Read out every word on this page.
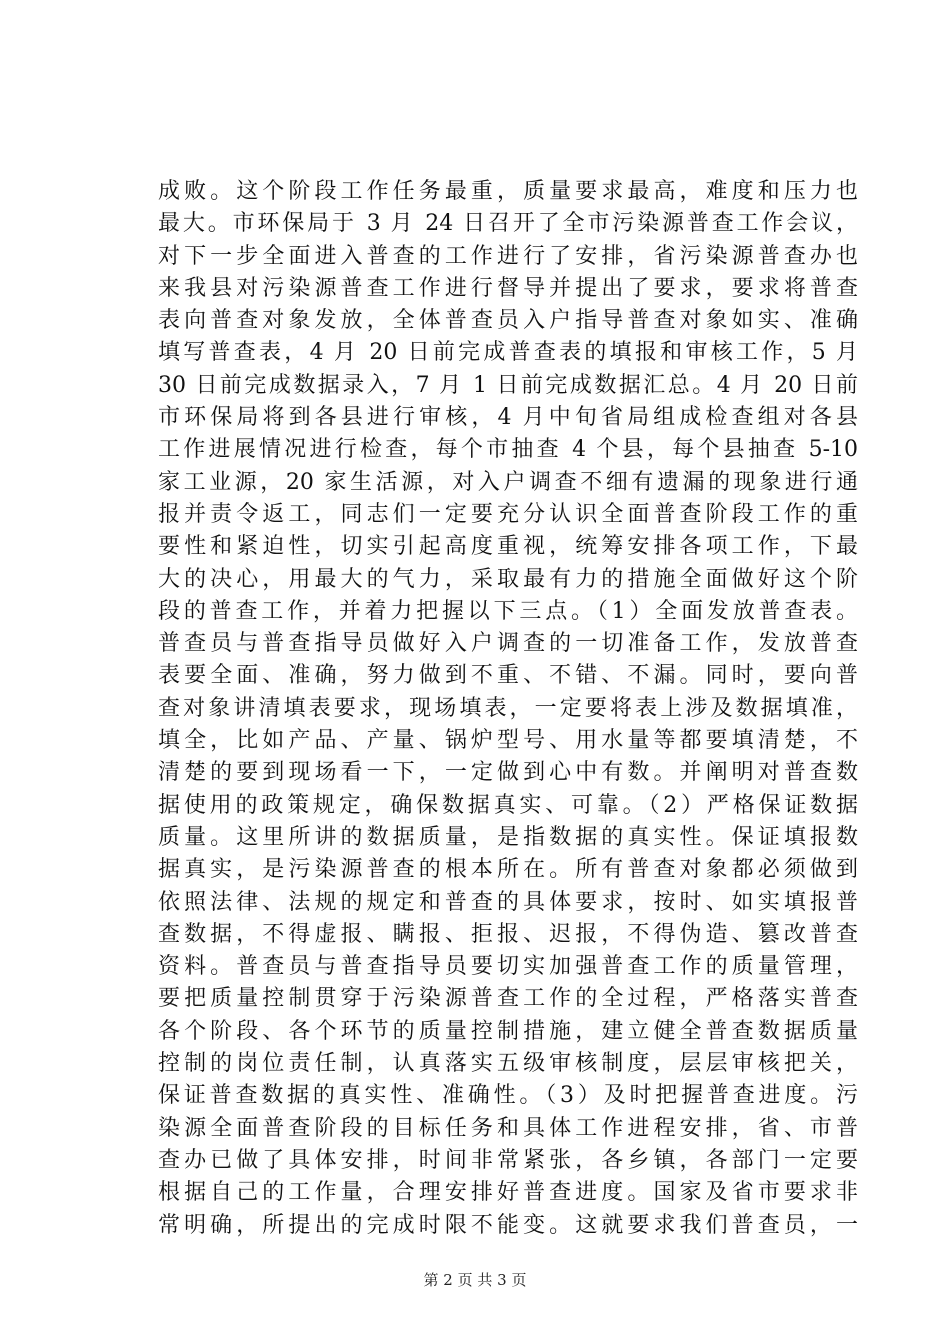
成败。这个阶段工作任务最重，质量要求最高，难度和压力也
最大。市环保局于 3 月 24 日召开了全市污染源普查工作会议，
对下一步全面进入普查的工作进行了安排，省污染源普查办也
来我县对污染源普查工作进行督导并提出了要求，要求将普查
表向普查对象发放，全体普查员入户指导普查对象如实、准确
填写普查表，4 月 20 日前完成普查表的填报和审核工作，5 月
30 日前完成数据录入，7 月 1 日前完成数据汇总。4 月 20 日前
市环保局将到各县进行审核，4 月中旬省局组成检查组对各县
工作进展情况进行检查，每个市抽查 4 个县，每个县抽查 5-10
家工业源，20 家生活源，对入户调查不细有遗漏的现象进行通
报并责令返工，同志们一定要充分认识全面普查阶段工作的重
要性和紧迫性，切实引起高度重视，统筹安排各项工作，下最
大的决心，用最大的气力，采取最有力的措施全面做好这个阶
段的普查工作，并着力把握以下三点。（1）全面发放普查表。
普查员与普查指导员做好入户调查的一切准备工作，发放普查
表要全面、准确，努力做到不重、不错、不漏。同时，要向普
查对象讲清填表要求，现场填表，一定要将表上涉及数据填准，
填全，比如产品、产量、锅炉型号、用水量等都要填清楚，不
清楚的要到现场看一下，一定做到心中有数。并阐明对普查数
据使用的政策规定，确保数据真实、可靠。（2）严格保证数据
质量。这里所讲的数据质量，是指数据的真实性。保证填报数
据真实，是污染源普查的根本所在。所有普查对象都必须做到
依照法律、法规的规定和普查的具体要求，按时、如实填报普
查数据，不得虚报、瞒报、拒报、迟报，不得伪造、篡改普查
资料。普查员与普查指导员要切实加强普查工作的质量管理，
要把质量控制贯穿于污染源普查工作的全过程，严格落实普查
各个阶段、各个环节的质量控制措施，建立健全普查数据质量
控制的岗位责任制，认真落实五级审核制度，层层审核把关，
保证普查数据的真实性、准确性。（3）及时把握普查进度。污
染源全面普查阶段的目标任务和具体工作进程安排，省、市普
查办已做了具体安排，时间非常紧张，各乡镇，各部门一定要
根据自己的工作量，合理安排好普查进度。国家及省市要求非
常明确，所提出的完成时限不能变。这就要求我们普查员，一
第 2 页 共 3 页
